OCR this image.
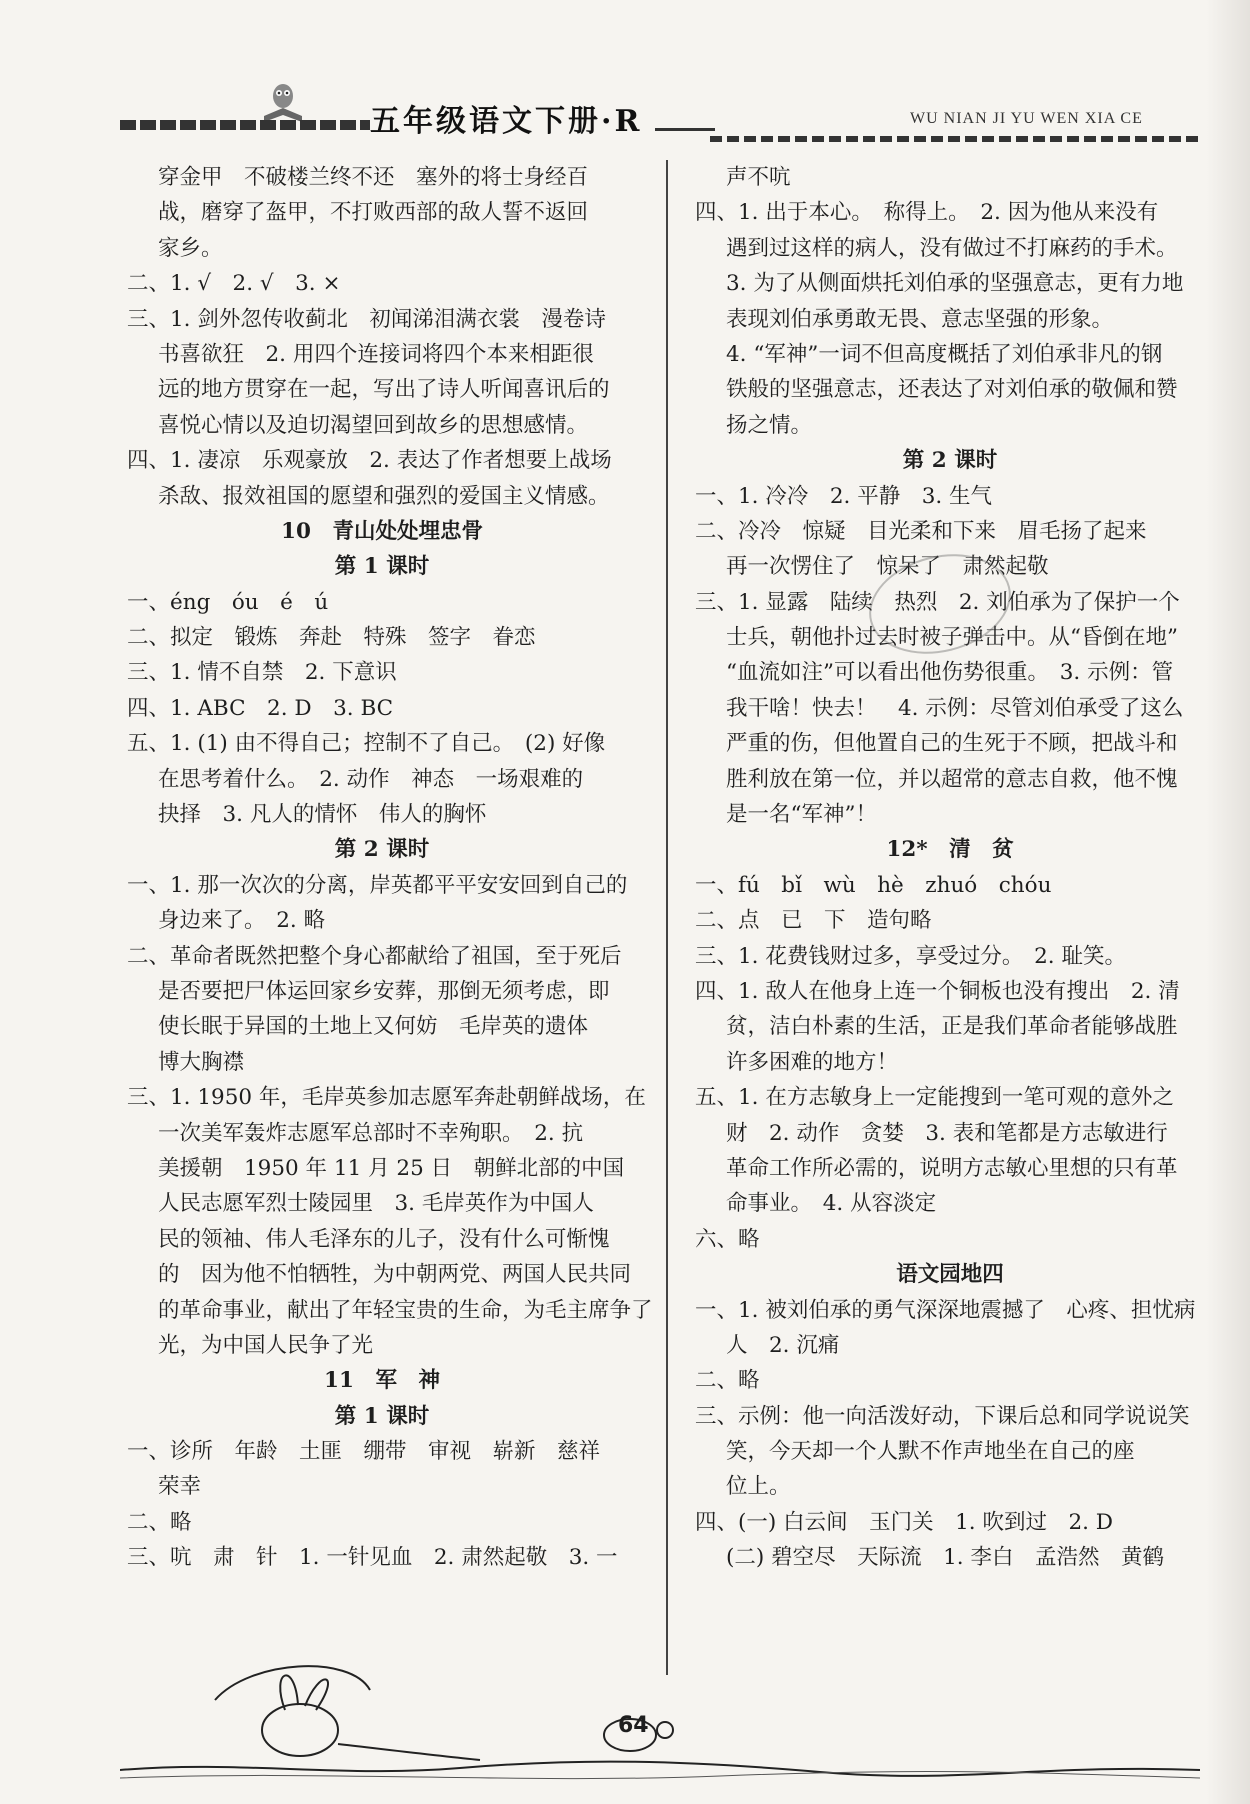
五年级语文下册·R	WU NIAN JI YU WEN XIA CE
穿金甲　不破楼兰终不还　塞外的将士身经百
战，磨穿了盔甲，不打败西部的敌人誓不返回
家乡。
二、1. √　2. √　3. ×
三、1. 剑外忽传收蓟北　初闻涕泪满衣裳　漫卷诗
书喜欲狂　2. 用四个连接词将四个本来相距很
远的地方贯穿在一起，写出了诗人听闻喜讯后的
喜悦心情以及迫切渴望回到故乡的思想感情。
四、1. 凄凉　乐观豪放　2. 表达了作者想要上战场
杀敌、报效祖国的愿望和强烈的爱国主义情感。
10　青山处处埋忠骨
第 1 课时
一、éng　óu　é　ú
二、拟定　锻炼　奔赴　特殊　签字　眷恋
三、1. 情不自禁　2. 下意识
四、1. ABC　2. D　3. BC
五、1. (1) 由不得自己；控制不了自己。　(2) 好像
在思考着什么。　2. 动作　神态　一场艰难的
抉择　3. 凡人的情怀　伟人的胸怀
第 2 课时
一、1. 那一次次的分离，岸英都平平安安回到自己的
身边来了。　2. 略
二、革命者既然把整个身心都献给了祖国，至于死后
是否要把尸体运回家乡安葬，那倒无须考虑，即
使长眠于异国的土地上又何妨　毛岸英的遗体
博大胸襟
三、1. 1950 年，毛岸英参加志愿军奔赴朝鲜战场，在
一次美军轰炸志愿军总部时不幸殉职。　2. 抗
美援朝　1950 年 11 月 25 日　朝鲜北部的中国
人民志愿军烈士陵园里　3. 毛岸英作为中国人
民的领袖、伟人毛泽东的儿子，没有什么可惭愧
的　因为他不怕牺牲，为中朝两党、两国人民共同
的革命事业，献出了年轻宝贵的生命，为毛主席争了
光，为中国人民争了光
11　军　神
第 1 课时
一、诊所　年龄　土匪　绷带　审视　崭新　慈祥
荣幸
二、略
三、吭　肃　针　1. 一针见血　2. 肃然起敬　3. 一
声不吭
四、1. 出于本心。　称得上。　2. 因为他从来没有
遇到过这样的病人，没有做过不打麻药的手术。
3. 为了从侧面烘托刘伯承的坚强意志，更有力地
表现刘伯承勇敢无畏、意志坚强的形象。
4. “军神”一词不但高度概括了刘伯承非凡的钢
铁般的坚强意志，还表达了对刘伯承的敬佩和赞
扬之情。
第 2 课时
一、1. 冷冷　2. 平静　3. 生气
二、冷冷　惊疑　目光柔和下来　眉毛扬了起来
再一次愣住了　惊呆了　肃然起敬
三、1. 显露　陆续　热烈　2. 刘伯承为了保护一个
士兵，朝他扑过去时被子弹击中。从“昏倒在地”
“血流如注”可以看出他伤势很重。　3. 示例：管
我干啥！快去！　4. 示例：尽管刘伯承受了这么
严重的伤，但他置自己的生死于不顾，把战斗和
胜利放在第一位，并以超常的意志自救，他不愧
是一名“军神”！
12*　清　贫
一、fú　bǐ　wù　hè　zhuó　chóu
二、点　已　下　造句略
三、1. 花费钱财过多，享受过分。　2. 耻笑。
四、1. 敌人在他身上连一个铜板也没有搜出　2. 清
贫，洁白朴素的生活，正是我们革命者能够战胜
许多困难的地方！
五、1. 在方志敏身上一定能搜到一笔可观的意外之
财　2. 动作　贪婪　3. 表和笔都是方志敏进行
革命工作所必需的，说明方志敏心里想的只有革
命事业。　4. 从容淡定
六、略
语文园地四
一、1. 被刘伯承的勇气深深地震撼了　心疼、担忧病
人　2. 沉痛
二、略
三、示例：他一向活泼好动，下课后总和同学说说笑
笑，今天却一个人默不作声地坐在自己的座
位上。
四、(一) 白云间　玉门关　1. 吹到过　2. D
(二) 碧空尽　天际流　1. 李白　孟浩然　黄鹤
64
